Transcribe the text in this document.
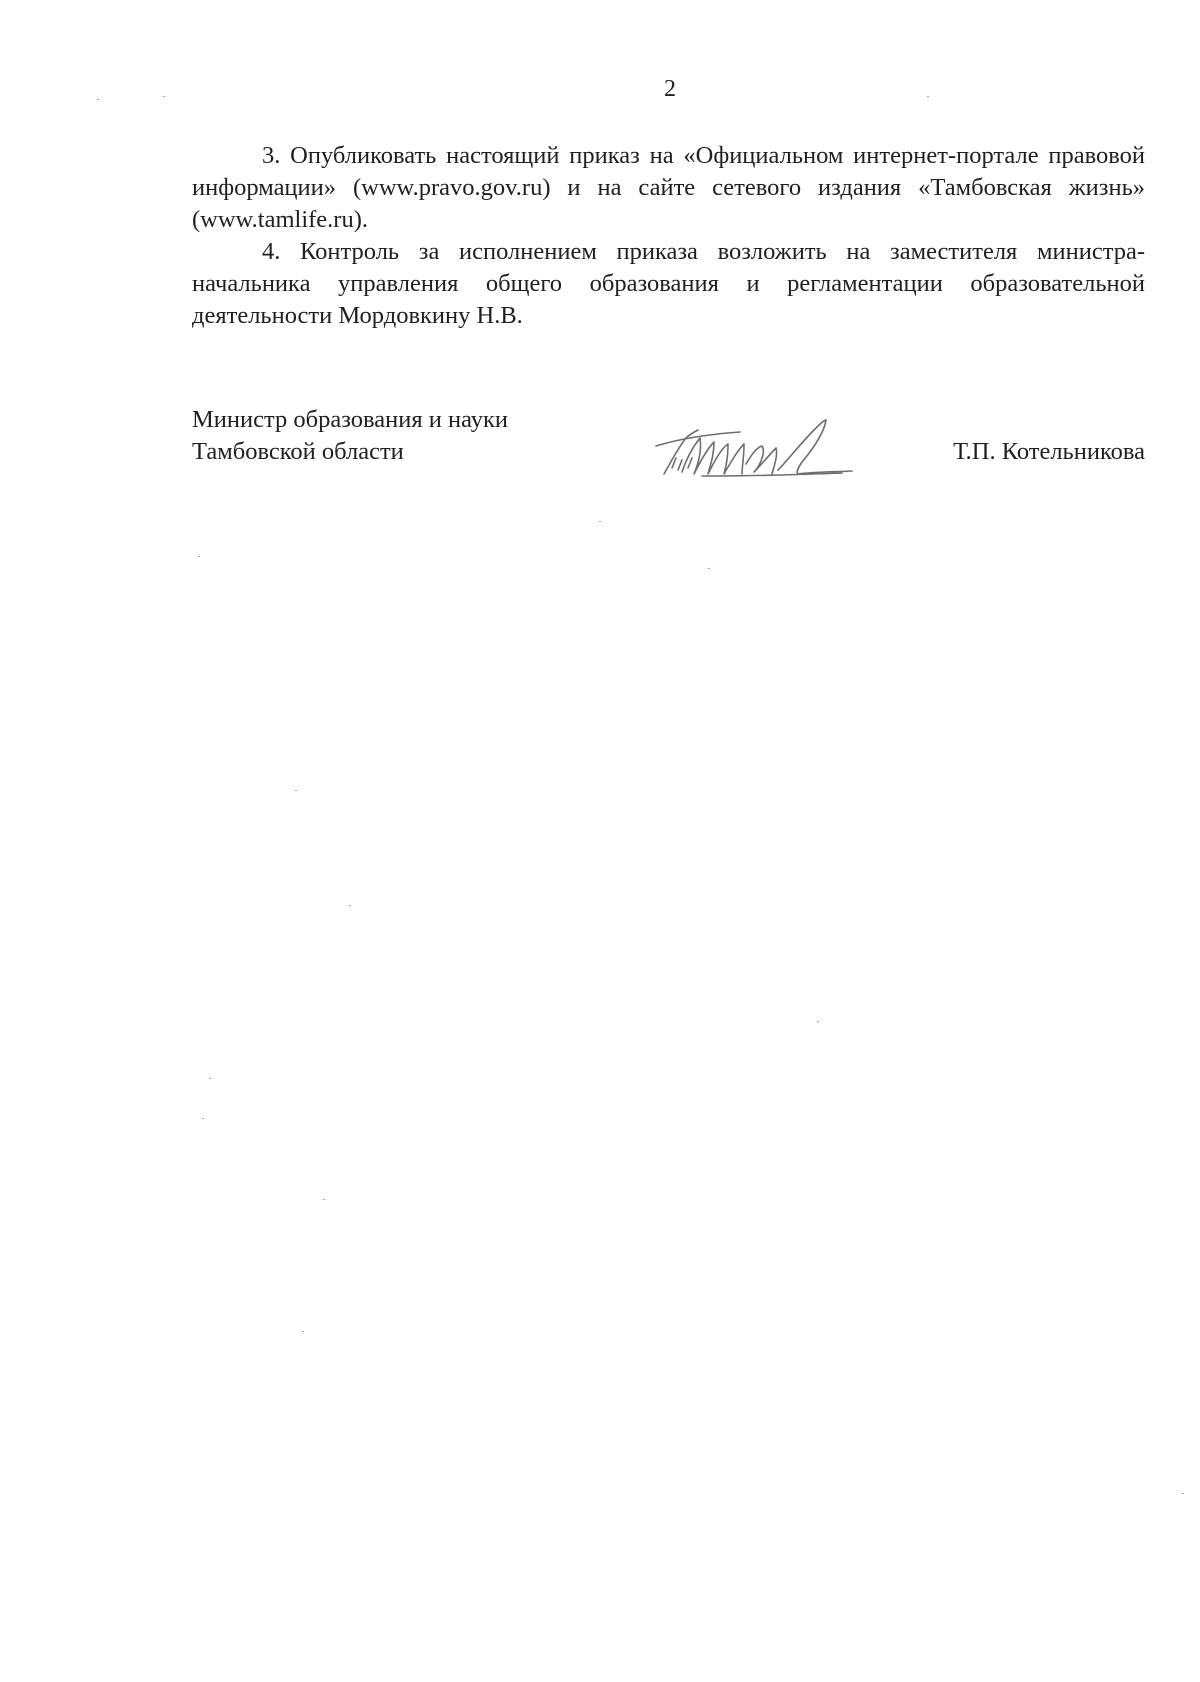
2

3. Опубликовать настоящий приказ на «Официальном интернет-портале правовой информации» (www.pravo.gov.ru) и на сайте сетевого издания «Тамбовская жизнь» (www.tamlife.ru).

4. Контроль за исполнением приказа возложить на заместителя министра-начальника управления общего образования и регламентации образовательной деятельности Мордовкину Н.В.

Министр образования и науки
Тамбовской области	Т.П. Котельникова
